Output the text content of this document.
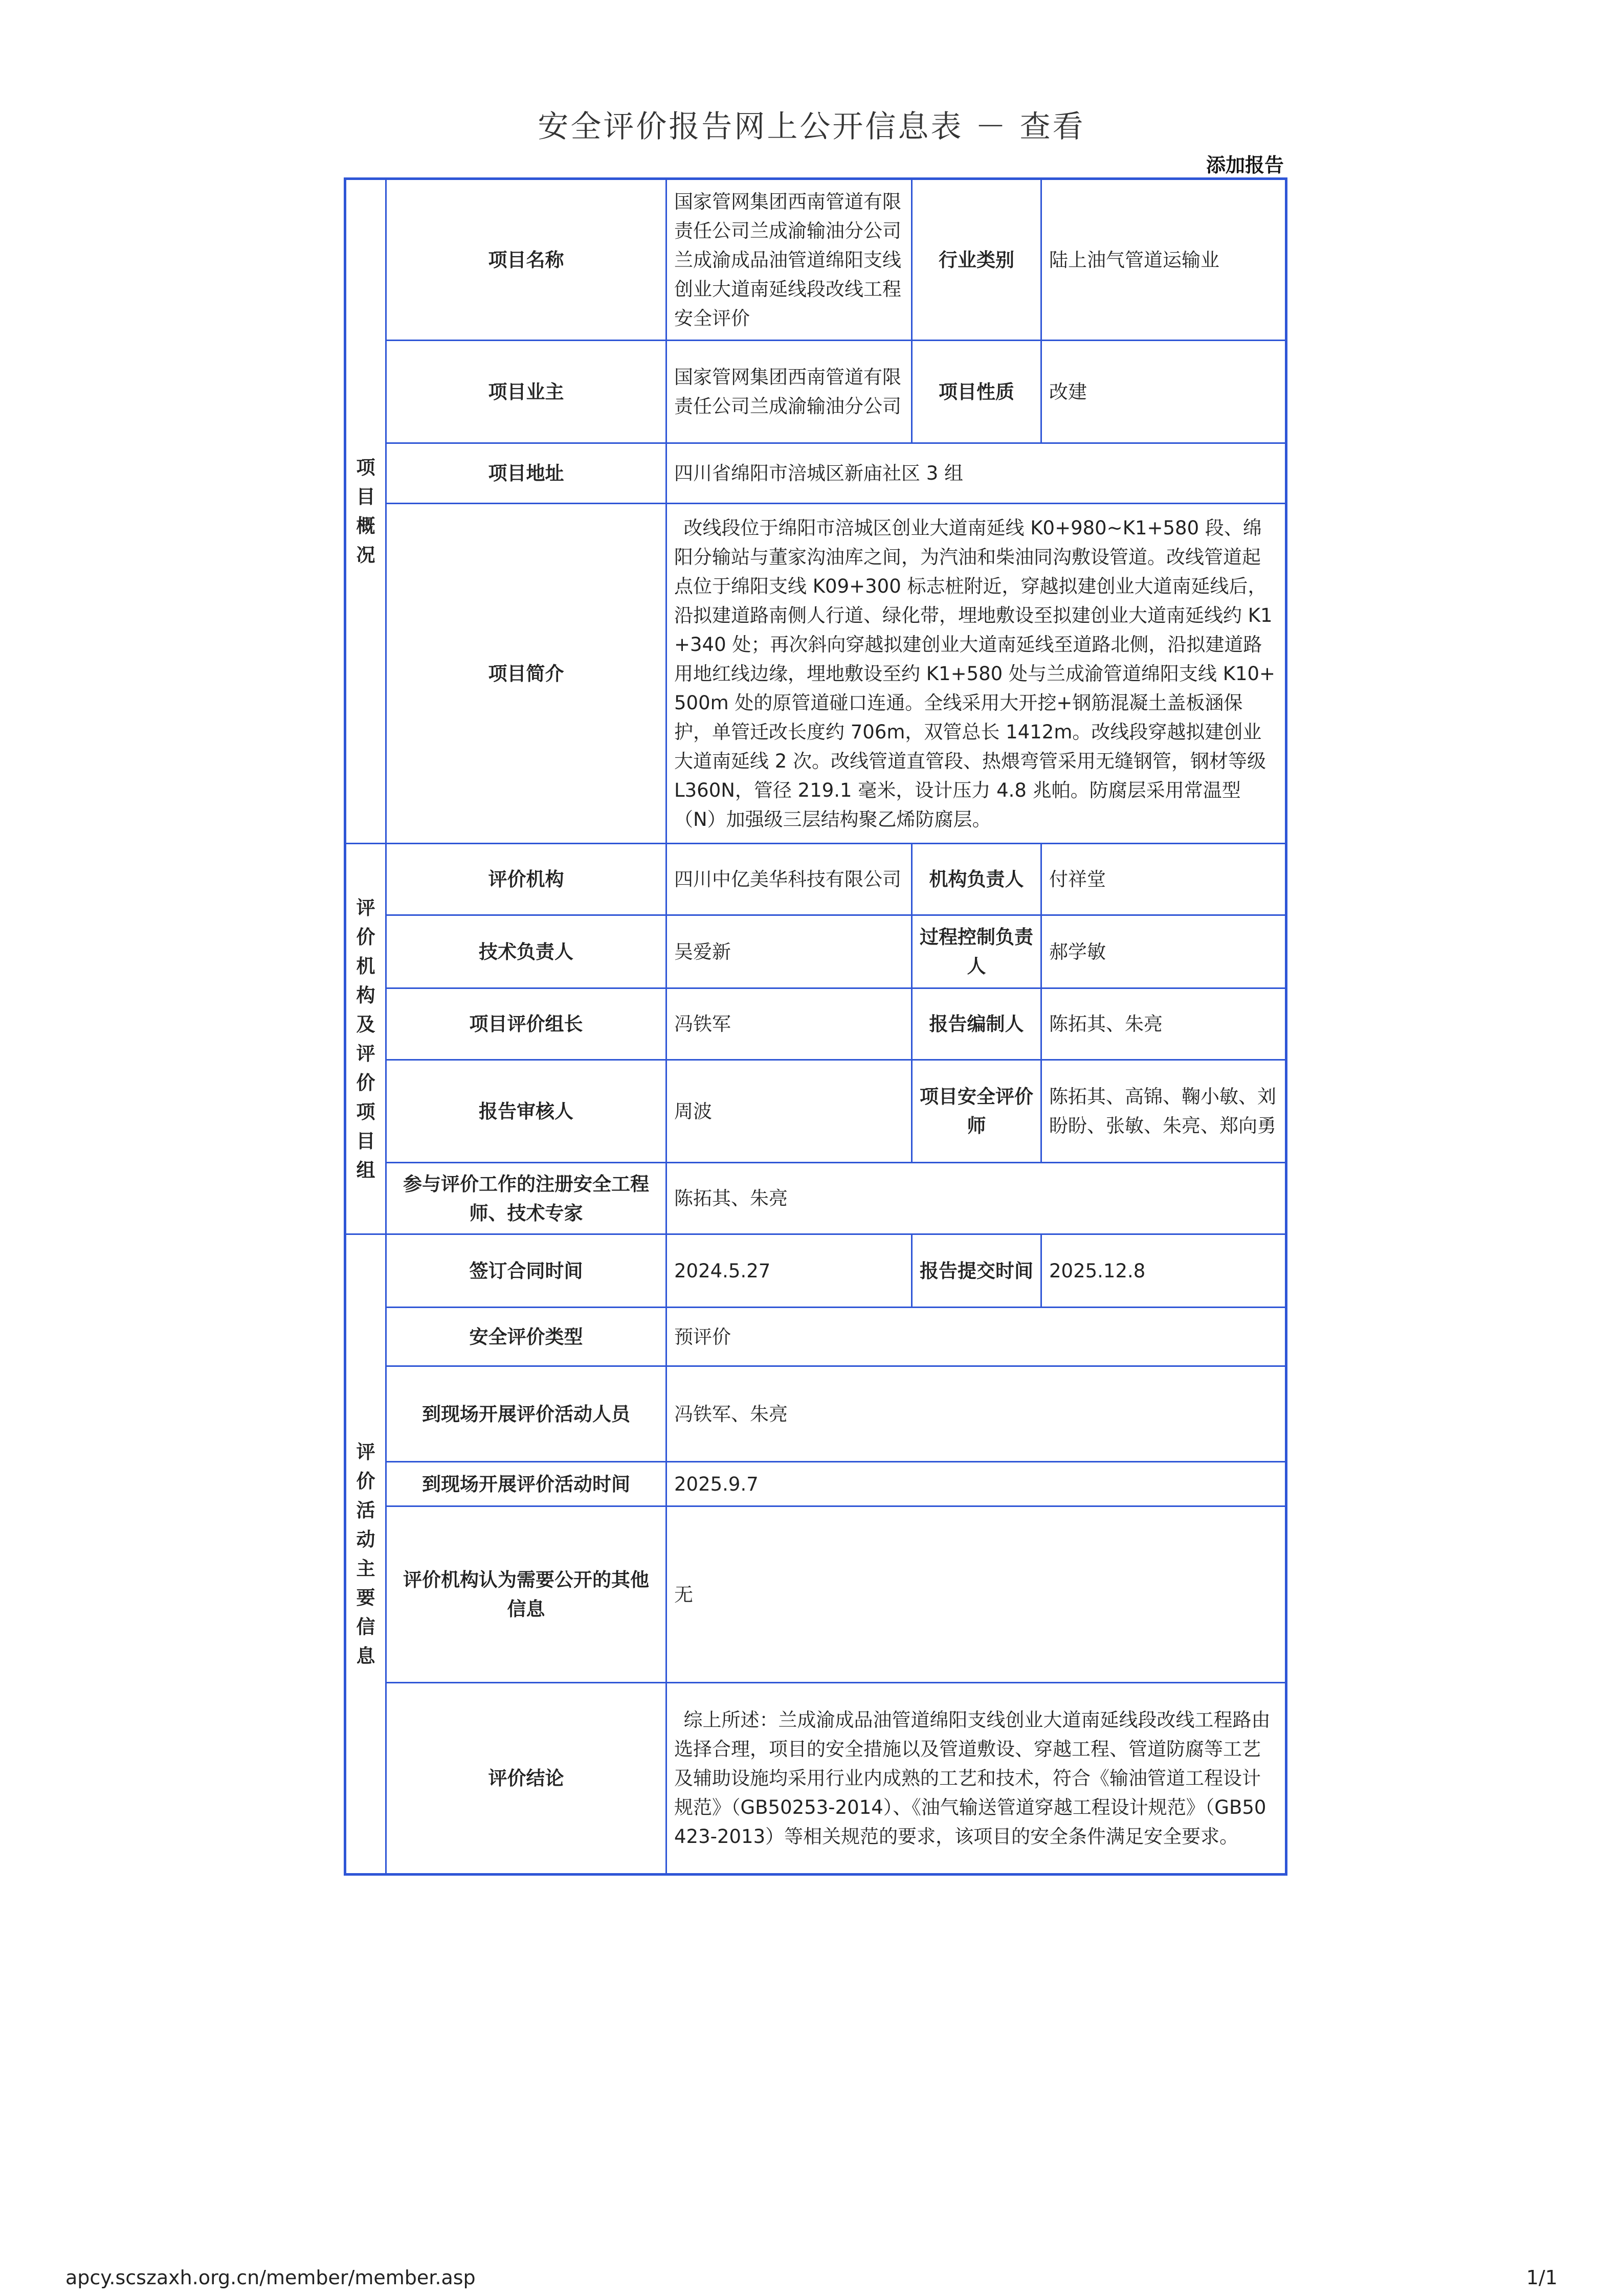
安全评价报告网上公开信息表 － 查看
添加报告
项目概况	项目名称	国家管网集团西南管道有限责任公司兰成渝输油分公司兰成渝成品油管道绵阳支线创业大道南延线段改线工程安全评价	行业类别	陆上油气管道运输业
	项目业主	国家管网集团西南管道有限责任公司兰成渝输油分公司	项目性质	改建
	项目地址	四川省绵阳市涪城区新庙社区 3 组		
	项目简介	改线段位于绵阳市涪城区创业大道南延线 K0+980~K1+580 段、绵阳分输站与董家沟油库之间，为汽油和柴油同沟敷设管道。改线管道起点位于绵阳支线 K09+300 标志桩附近，穿越拟建创业大道南延线后，沿拟建道路南侧人行道、绿化带，埋地敷设至拟建创业大道南延线约 K1+340 处；再次斜向穿越拟建创业大道南延线至道路北侧，沿拟建道路用地红线边缘，埋地敷设至约 K1+580 处与兰成渝管道绵阳支线 K10+500m 处的原管道碰口连通。全线采用大开挖+钢筋混凝土盖板涵保护，单管迁改长度约 706m，双管总长 1412m。改线段穿越拟建创业大道南延线 2 次。改线管道直管段、热煨弯管采用无缝钢管，钢材等级 L360N，管径 219.1 毫米，设计压力 4.8 兆帕。防腐层采用常温型（N）加强级三层结构聚乙烯防腐层。		

评价机构及评价项目组	评价机构	四川中亿美华科技有限公司	机构负责人	付祥堂
	技术负责人	吴爱新	过程控制负责人	郝学敏
	项目评价组长	冯铁军	报告编制人	陈拓其、朱亮
	报告审核人	周波	项目安全评价师	陈拓其、高锦、鞠小敏、刘盼盼、张敏、朱亮、郑向勇
	参与评价工作的注册安全工程师、技术专家	陈拓其、朱亮		

评价活动主要信息	签订合同时间	2024.5.27	报告提交时间	2025.12.8
	安全评价类型	预评价		
	到现场开展评价活动人员	冯铁军、朱亮		
	到现场开展评价活动时间	2025.9.7		
	评价机构认为需要公开的其他信息	无		
	评价结论	综上所述：兰成渝成品油管道绵阳支线创业大道南延线段改线工程路由选择合理，项目的安全措施以及管道敷设、穿越工程、管道防腐等工艺及辅助设施均采用行业内成熟的工艺和技术，符合《输油管道工程设计规范》（GB50253-2014）、《油气输送管道穿越工程设计规范》（GB50423-2013）等相关规范的要求，该项目的安全条件满足安全要求。		
apcy.scszaxh.org.cn/member/member.asp	1/1
